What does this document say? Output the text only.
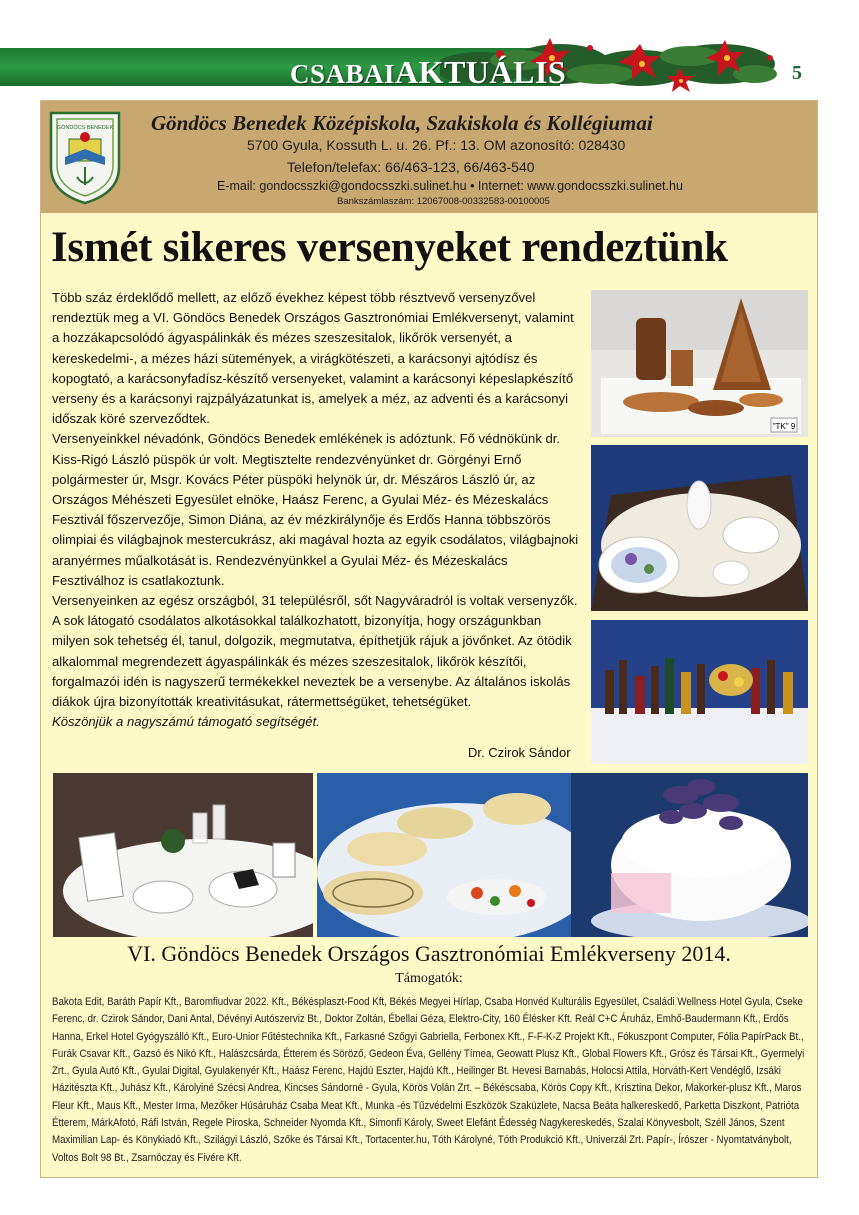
CSABAIAKTUÁLIS	5
GÖNDÖCS BENEDEK Göndöcs Benedek Középiskola, Szakiskola és Kollégiumai
5700 Gyula, Kossuth L. u. 26. Pf.: 13. OM azonosító: 028430
Telefon/telefax: 66/463-123, 66/463-540
E-mail: gondocsszki@gondocsszki.sulinet.hu • Internet: www.gondocsszki.sulinet.hu
Bankszámlaszám: 12067008-00332583-00100005
Ismét sikeres versenyeket rendeztünk

Több száz érdeklődő mellett, az előző évekhez képest több résztvevő versenyzővel rendeztük meg a VI. Göndöcs Benedek Országos Gasztronómiai Emlékversenyt, valamint a hozzákapcsolódó ágyaspálinkák és mézes szeszesitalok, likőrök versenyét, a kereskedelmi-, a mézes házi sütemények, a virágkötészeti, a karácsonyi ajtódísz és kopogtató, a karácsonyfadísz-készítő versenyeket, valamint a karácsonyi képeslapkészítő verseny és a karácsonyi rajzpályázatunkat is, amelyek a méz, az adventi és a karácsonyi időszak köré szerveződtek.

Versenyeinkkel névadónk, Göndöcs Benedek emlékének is adóztunk. Fő védnökünk dr. Kiss-Rigó László püspök úr volt. Megtisztelte rendezvényünket dr. Görgényi Ernő polgármester úr, Msgr. Kovács Péter püspöki helynök úr, dr. Mészáros László úr, az Országos Méhészeti Egyesület elnöke, Haász Ferenc, a Gyulai Méz- és Mézeskalács Fesztivál főszervezője, Simon Diána, az év mézkirálynője és Erdős Hanna többszörös olimpiai és világbajnok mestercukrász, aki magával hozta az egyik csodálatos, világbajnoki aranyérmes műalkotását is. Rendezvényünkkel a Gyulai Méz- és Mézeskalács Fesztiválhoz is csatlakoztunk.

Versenyeinken az egész országból, 31 településről, sőt Nagyváradról is voltak versenyzők. A sok látogató csodálatos alkotásokkal találkozhatott, bizonyítja, hogy országunkban milyen sok tehetség él, tanul, dolgozik, megmutatva, építhetjük rájuk a jövőnket. Az ötödik alkalommal megrendezett ágyaspálinkák és mézes szeszesitalok, likőrök készítői, forgalmazói idén is nagyszerű termékekkel neveztek be a versenybe. Az általános iskolás diákok újra bizonyították kreativitásukat, rátermettségüket, tehetségüket.

Köszönjük a nagyszámú támogató segítségét.

Dr. Czirok Sándor
"TK" 9
VI. Göndöcs Benedek Országos Gasztronómiai Emlékverseny 2014.
Támogatók:
Bakota Edit, Baráth Papír Kft., Baromfiudvar 2022. Kft., Békésplaszt-Food Kft, Békés Megyei Hírlap, Csaba Honvéd Kulturális Egyesület, Családi Wellness Hotel Gyula, Cseke Ferenc, dr. Czirok Sándor, Dani Antal, Dévényi Autószerviz Bt., Doktor Zoltán, Ébellai Géza, Elektro-City, 160 Élésker Kft. Reál C+C Áruház, Emhő-Baudermann Kft., Erdős Hanna, Erkel Hotel Gyógyszálló Kft., Euro-Unior Fűtéstechnika Kft., Farkasné Szőgyi Gabriella, Ferbonex Kft., F-F-K-Z Projekt Kft., Fókuszpont Computer, Fólia PapírPack Bt., Furák Csavar Kft., Gazsó és Nikó Kft., Halászcsárda, Étterem és Söröző, Gedeon Éva, Gellény Tímea, Geowatt Plusz Kft., Global Flowers Kft., Grósz és Társai Kft., Gyermelyi Zrt., Gyula Autó Kft., Gyulai Digital, Gyulakenyér Kft., Haász Ferenc, Hajdú Eszter, Hajdú Kft., Heilinger Bt. Hevesi Barnabás, Holocsi Attila, Horváth-Kert Vendéglő, Izsáki Házitészta Kft., Juhász Kft., Károlyiné Szécsi Andrea, Kincses Sándorné - Gyula, Körös Volán Zrt. – Békéscsaba, Körös Copy Kft., Krisztina Dekor, Makorker-plusz Kft., Maros Fleur Kft., Maus Kft., Mester Irma, Mezőker Húsáruház Csaba Meat Kft., Munka -és Tűzvédelmi Eszközök Szaküzlete, Nacsa Beáta halkereskedő, Parketta Diszkont, Patrióta Étterem, MárkAfotó, Ráfi István, Regele Piroska, Schneider Nyomda Kft., Simonfi Károly, Sweet Elefánt Édesség Nagykereskedés, Szalai Könyvesbolt, Széll János, Szent Maximilian Lap- és Könykiadó Kft., Szilágyi László, Szőke és Társai Kft., Tortacenter.hu, Tóth Károlyné, Tóth Produkció Kft., Univerzál Zrt. Papír-, Írószer - Nyomtatványbolt, Voltos Bolt 98 Bt., Zsarnóczay és Fivére Kft.
